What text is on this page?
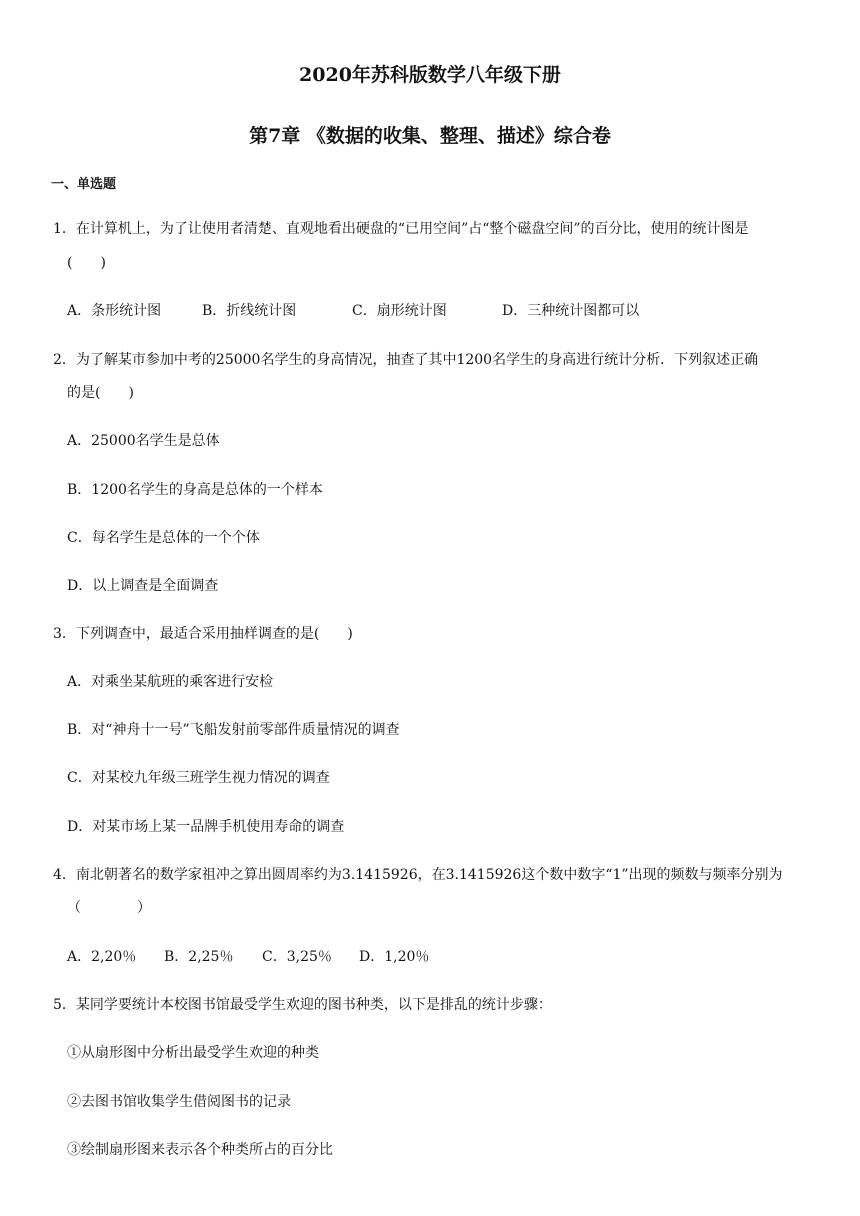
2020年苏科版数学八年级下册
第7章 《数据的收集、整理、描述》综合卷
一、单选题
1．在计算机上，为了让使用者清楚、直观地看出硬盘的“已用空间”占“整个磁盘空间”的百分比，使用的统计图是
(　　)
A．条形统计图	B．折线统计图	C．扇形统计图	D．三种统计图都可以
2．为了解某市参加中考的25000名学生的身高情况，抽查了其中1200名学生的身高进行统计分析．下列叙述正确
的是(　　)
A．25000名学生是总体
B．1200名学生的身高是总体的一个样本
C．每名学生是总体的一个个体
D．以上调查是全面调查
3．下列调查中，最适合采用抽样调查的是(　　)
A．对乘坐某航班的乘客进行安检
B．对“神舟十一号”飞船发射前零部件质量情况的调查
C．对某校九年级三班学生视力情况的调查
D．对某市场上某一品牌手机使用寿命的调查
4．南北朝著名的数学家祖冲之算出圆周率约为3.1415926，在3.1415926这个数中数字“1”出现的频数与频率分别为
（　　　　）
A．2,20％ B．2,25％ C．3,25％ D．1,20％
5．某同学要统计本校图书馆最受学生欢迎的图书种类，以下是排乱的统计步骤：
①从扇形图中分析出最受学生欢迎的种类
②去图书馆收集学生借阅图书的记录
③绘制扇形图来表示各个种类所占的百分比
